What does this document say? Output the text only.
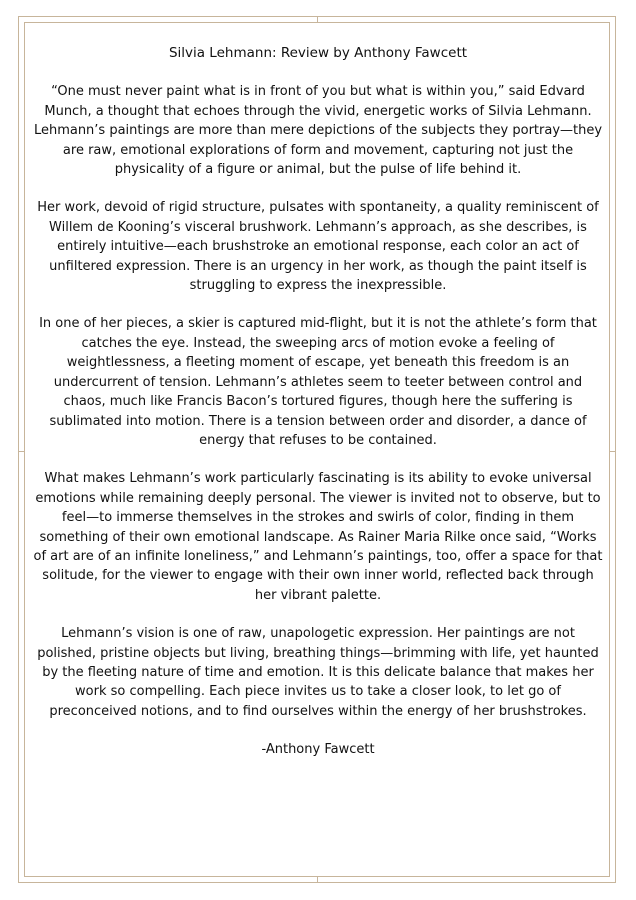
Silvia Lehmann: Review by Anthony Fawcett

“One must never paint what is in front of you but what is within you,” said Edvard Munch, a thought that echoes through the vivid, energetic works of Silvia Lehmann. Lehmann’s paintings are more than mere depictions of the subjects they portray—they are raw, emotional explorations of form and movement, capturing not just the physicality of a figure or animal, but the pulse of life behind it.

Her work, devoid of rigid structure, pulsates with spontaneity, a quality reminiscent of Willem de Kooning’s visceral brushwork. Lehmann’s approach, as she describes, is entirely intuitive—each brushstroke an emotional response, each color an act of unfiltered expression. There is an urgency in her work, as though the paint itself is struggling to express the inexpressible.

In one of her pieces, a skier is captured mid-flight, but it is not the athlete’s form that catches the eye. Instead, the sweeping arcs of motion evoke a feeling of weightlessness, a fleeting moment of escape, yet beneath this freedom is an undercurrent of tension. Lehmann’s athletes seem to teeter between control and chaos, much like Francis Bacon’s tortured figures, though here the suffering is sublimated into motion. There is a tension between order and disorder, a dance of energy that refuses to be contained.

What makes Lehmann’s work particularly fascinating is its ability to evoke universal emotions while remaining deeply personal. The viewer is invited not to observe, but to feel—to immerse themselves in the strokes and swirls of color, finding in them something of their own emotional landscape. As Rainer Maria Rilke once said, “Works of art are of an infinite loneliness,” and Lehmann’s paintings, too, offer a space for that solitude, for the viewer to engage with their own inner world, reflected back through her vibrant palette.

Lehmann’s vision is one of raw, unapologetic expression. Her paintings are not polished, pristine objects but living, breathing things—brimming with life, yet haunted by the fleeting nature of time and emotion. It is this delicate balance that makes her work so compelling. Each piece invites us to take a closer look, to let go of preconceived notions, and to find ourselves within the energy of her brushstrokes.

-Anthony Fawcett
